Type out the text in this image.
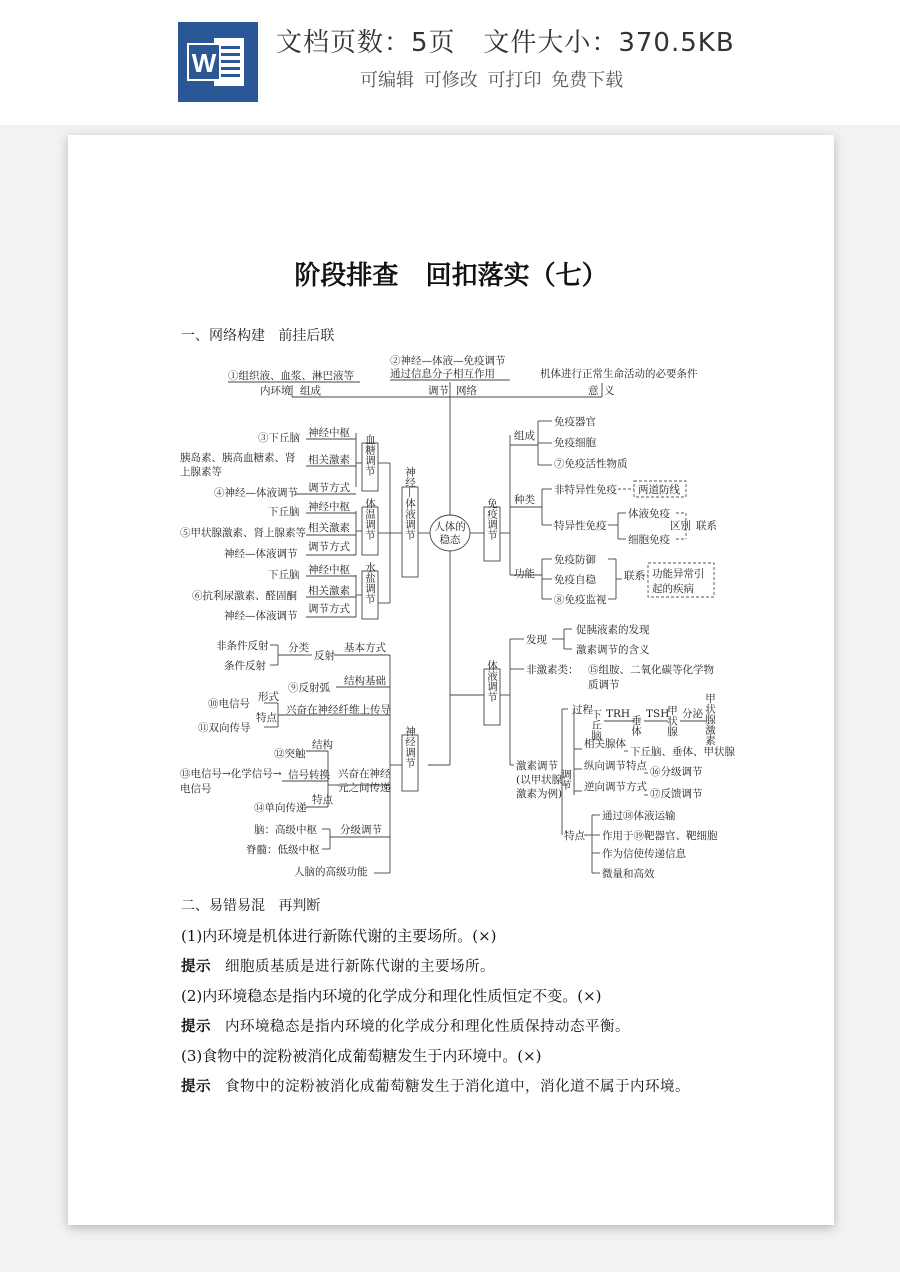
W
文档页数：5页   文件大小：370.5KB
可编辑 可修改 可打印 免费下载
阶段排查   回扣落实（七）
一、网络构建   前挂后联
①组织液、血浆、淋巴液等
内环境 组成
②神经—体液—免疫调节
通过信息分子相互作用
调节 网络
机体进行正常生命活动的必要条件
意 义
人体的
稳态
神经—体液调节
血糖调节
神经中枢
③下丘脑
相关激素
胰岛素、胰高血糖素、肾
上腺素等
调节方式
④神经—体液调节
体温调节
神经中枢
下丘脑
相关激素
⑤甲状腺激素、肾上腺素等
调节方式
神经—体液调节
水盐调节
神经中枢
下丘脑
相关激素
⑥抗利尿激素、醛固酮
调节方式
神经—体液调节
免疫调节
组成
免疫器官
免疫细胞
⑦免疫活性物质
种类
非特异性免疫 两道防线
特异性免疫
体液免疫
细胞免疫
区别 联系
功能
免疫防御
免疫自稳
⑧免疫监视
联系 功能异常引
起的疾病
神经调节
基本方式
反射
分类
非条件反射
条件反射
结构基础
⑨反射弧
兴奋在神经纤维上传导
形式
特点
⑩电信号
⑪双向传导
兴奋在神经
元之间传递
结构
⑫突触
信号转换
⑬电信号→化学信号→
电信号
特点
⑭单向传递
分级调节
脑：高级中枢
脊髓：低级中枢
人脑的高级功能
体液调节
发现
促胰液素的发现
激素调节的含义
非激素类： ⑮组胺、二氧化碳等化学物
质调节
激素调节
(以甲状腺
激素为例)
调节
过程
下丘脑 TRH
垂体
TSH
甲状腺 分泌 甲状腺激素
相关腺体
下丘脑、垂体、甲状腺
纵向调节特点 ⑯分级调节
逆向调节方式
⑰反馈调节
特点
通过⑱体液运输
作用于⑲靶器官、靶细胞
作为信使传递信息
微量和高效
二、易错易混   再判断
(1)内环境是机体进行新陈代谢的主要场所。(×)
提示 细胞质基质是进行新陈代谢的主要场所。
(2)内环境稳态是指内环境的化学成分和理化性质恒定不变。(×)
提示 内环境稳态是指内环境的化学成分和理化性质保持动态平衡。
(3)食物中的淀粉被消化成葡萄糖发生于内环境中。(×)
提示 食物中的淀粉被消化成葡萄糖发生于消化道中，消化道不属于内环境。
